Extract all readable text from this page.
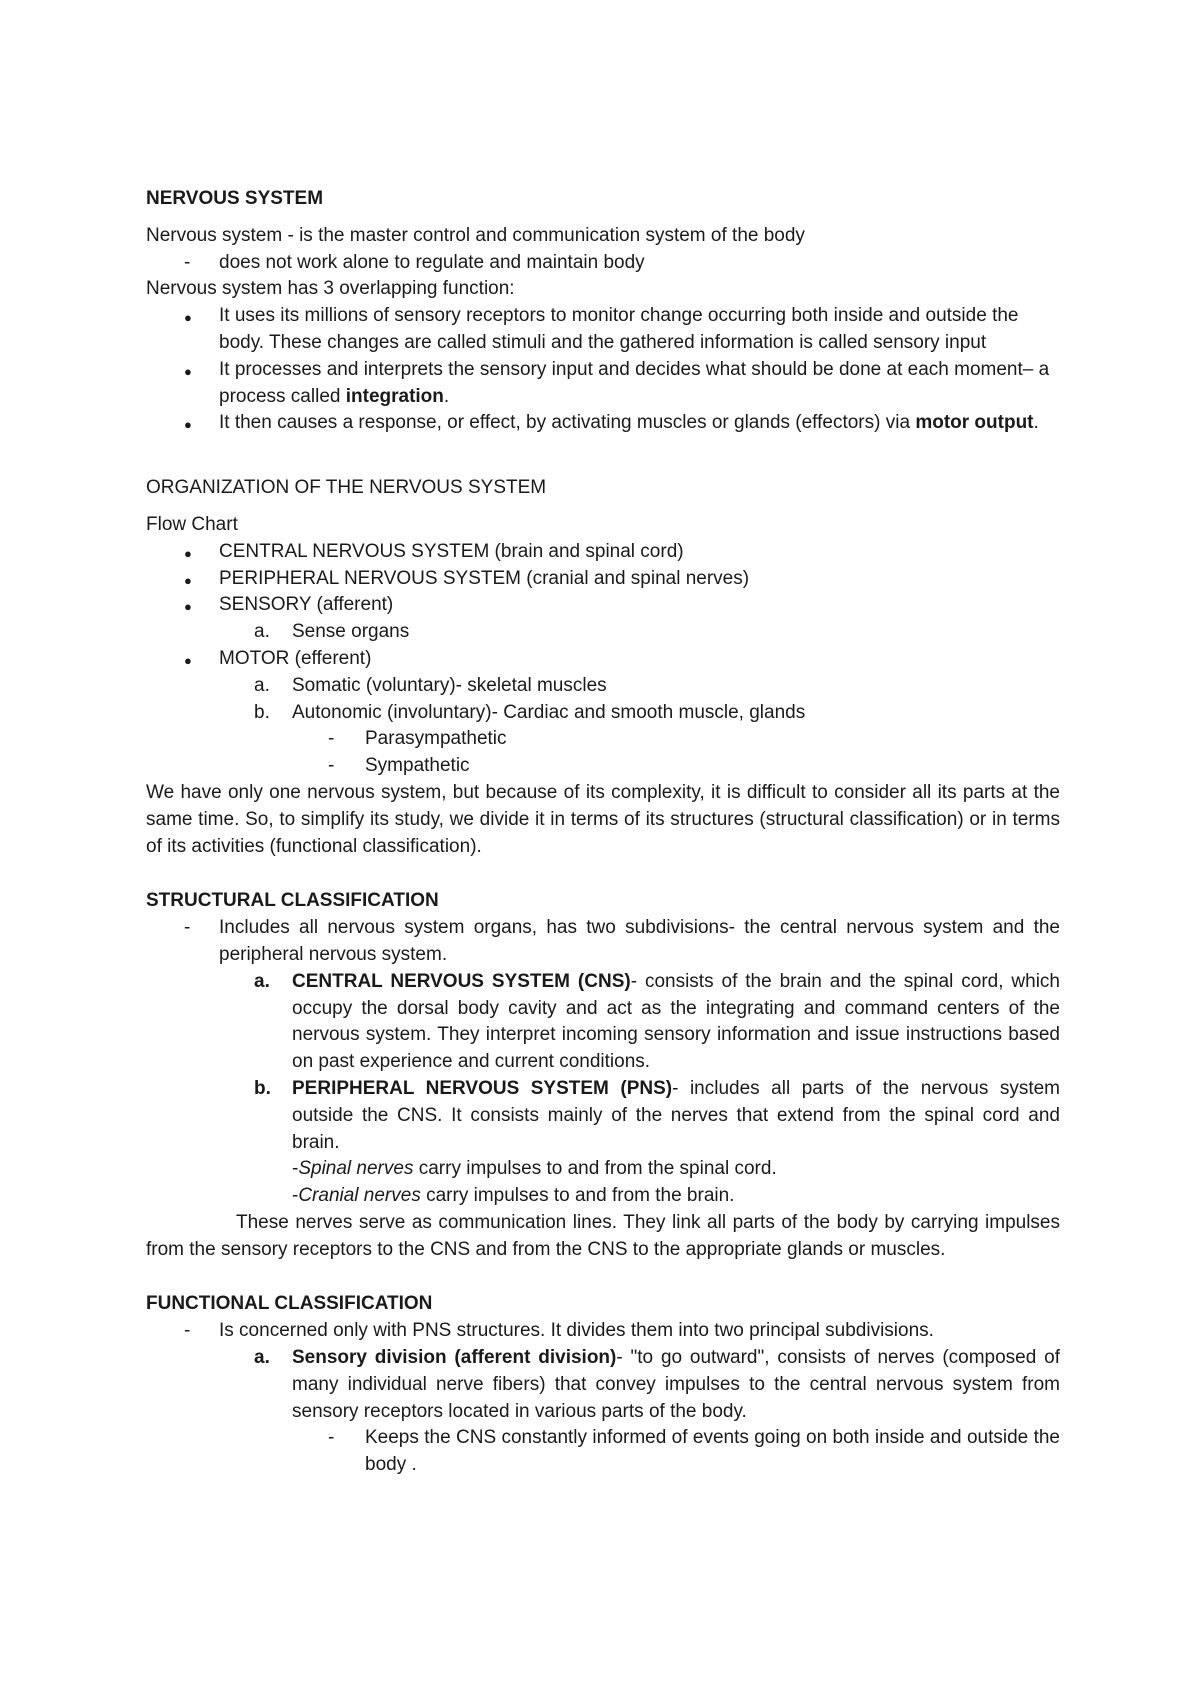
NERVOUS SYSTEM

Nervous system - is the master control and communication system of the body

- does not work alone to regulate and maintain body

Nervous system has 3 overlapping function:

● It uses its millions of sensory receptors to monitor change occurring both inside and outside the body. These changes are called stimuli and the gathered information is called sensory input
● It processes and interprets the sensory input and decides what should be done at each moment– a process called integration.
● It then causes a response, or effect, by activating muscles or glands (effectors) via motor output.

ORGANIZATION OF THE NERVOUS SYSTEM

Flow Chart

● CENTRAL NERVOUS SYSTEM (brain and spinal cord)
● PERIPHERAL NERVOUS SYSTEM (cranial and spinal nerves)
● SENSORY (afferent)
a. Sense organs
● MOTOR (efferent)
a. Somatic (voluntary)- skeletal muscles
b. Autonomic (involuntary)- Cardiac and smooth muscle, glands
- Parasympathetic
- Sympathetic

We have only one nervous system, but because of its complexity, it is difficult to consider all its parts at the same time. So, to simplify its study, we divide it in terms of its structures (structural classification) or in terms of its activities (functional classification).

STRUCTURAL CLASSIFICATION

- Includes all nervous system organs, has two subdivisions- the central nervous system and the peripheral nervous system.
a. CENTRAL NERVOUS SYSTEM (CNS)- consists of the brain and the spinal cord, which occupy the dorsal body cavity and act as the integrating and command centers of the nervous system. They interpret incoming sensory information and issue instructions based on past experience and current conditions.
b. PERIPHERAL NERVOUS SYSTEM (PNS)- includes all parts of the nervous system outside the CNS. It consists mainly of the nerves that extend from the spinal cord and brain.
-Spinal nerves carry impulses to and from the spinal cord.
-Cranial nerves carry impulses to and from the brain.

These nerves serve as communication lines. They link all parts of the body by carrying impulses from the sensory receptors to the CNS and from the CNS to the appropriate glands or muscles.

FUNCTIONAL CLASSIFICATION

- Is concerned only with PNS structures. It divides them into two principal subdivisions.
a. Sensory division (afferent division)- "to go outward", consists of nerves (composed of many individual nerve fibers) that convey impulses to the central nervous system from sensory receptors located in various parts of the body.
- Keeps the CNS constantly informed of events going on both inside and outside the body .
